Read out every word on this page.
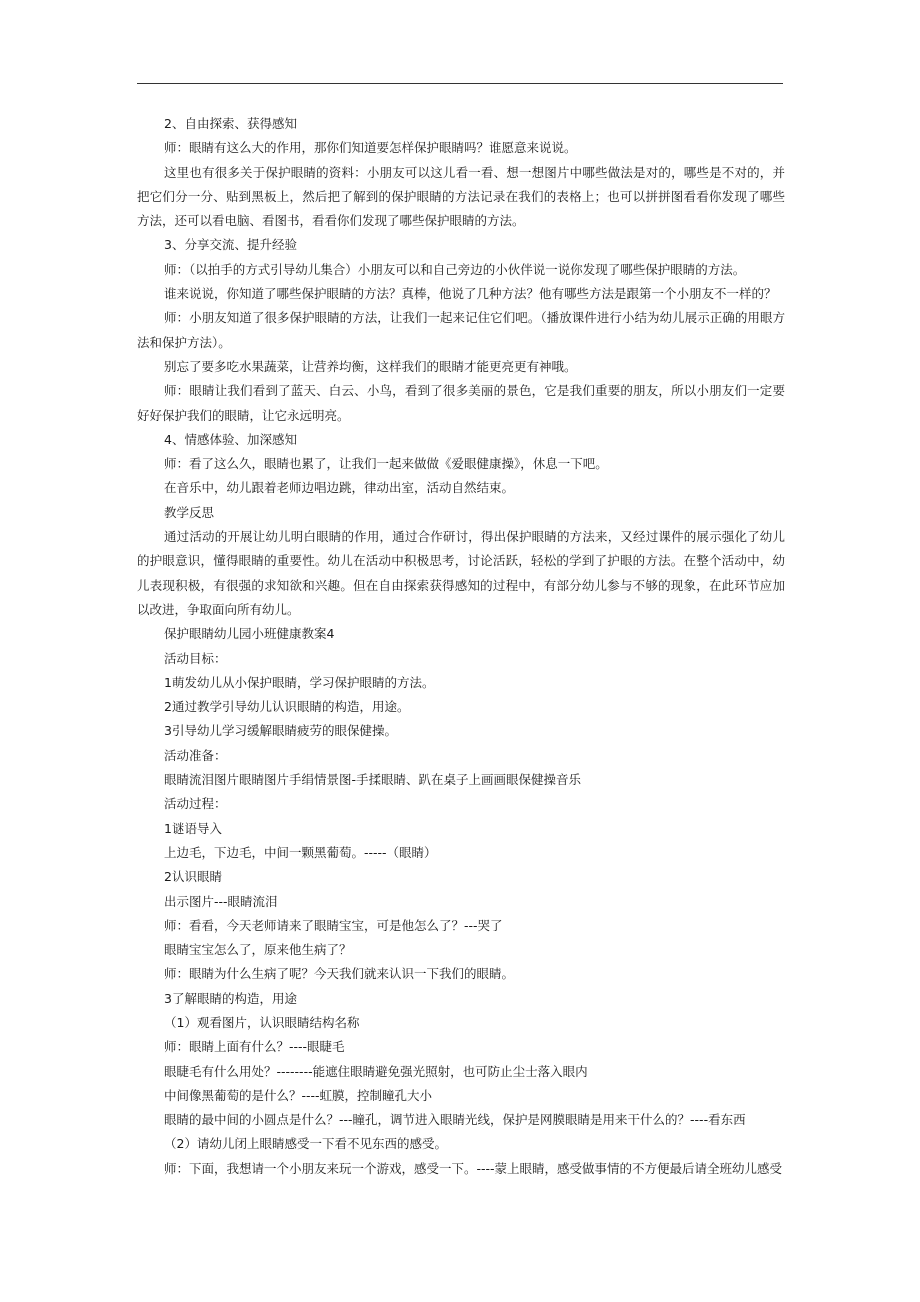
2、自由探索、获得感知
师：眼睛有这么大的作用，那你们知道要怎样保护眼睛吗？谁愿意来说说。
这里也有很多关于保护眼睛的资料：小朋友可以这儿看一看、想一想图片中哪些做法是对的，哪些是不对的，并把它们分一分、贴到黑板上，然后把了解到的保护眼睛的方法记录在我们的表格上；也可以拼拼图看看你发现了哪些方法，还可以看电脑、看图书，看看你们发现了哪些保护眼睛的方法。
3、分享交流、提升经验
师：（以拍手的方式引导幼儿集合）小朋友可以和自己旁边的小伙伴说一说你发现了哪些保护眼睛的方法。
谁来说说，你知道了哪些保护眼睛的方法？真棒，他说了几种方法？他有哪些方法是跟第一个小朋友不一样的？
师：小朋友知道了很多保护眼睛的方法，让我们一起来记住它们吧。（播放课件进行小结为幼儿展示正确的用眼方法和保护方法）。
别忘了要多吃水果蔬菜，让营养均衡，这样我们的眼睛才能更亮更有神哦。
师：眼睛让我们看到了蓝天、白云、小鸟，看到了很多美丽的景色，它是我们重要的朋友，所以小朋友们一定要好好保护我们的眼睛，让它永远明亮。
4、情感体验、加深感知
师：看了这么久，眼睛也累了，让我们一起来做做《爱眼健康操》，休息一下吧。
在音乐中，幼儿跟着老师边唱边跳，律动出室，活动自然结束。
教学反思
通过活动的开展让幼儿明白眼睛的作用，通过合作研讨，得出保护眼睛的方法来，又经过课件的展示强化了幼儿的护眼意识，懂得眼睛的重要性。幼儿在活动中积极思考，讨论活跃，轻松的学到了护眼的方法。在整个活动中，幼儿表现积极，有很强的求知欲和兴趣。但在自由探索获得感知的过程中，有部分幼儿参与不够的现象，在此环节应加以改进，争取面向所有幼儿。
保护眼睛幼儿园小班健康教案4
活动目标：
1萌发幼儿从小保护眼睛，学习保护眼睛的方法。
2通过教学引导幼儿认识眼睛的构造，用途。
3引导幼儿学习缓解眼睛疲劳的眼保健操。
活动准备：
眼睛流泪图片眼睛图片手绢情景图-手揉眼睛、趴在桌子上画画眼保健操音乐
活动过程：
1谜语导入
上边毛，下边毛，中间一颗黑葡萄。-----（眼睛）
2认识眼睛
出示图片---眼睛流泪
师：看看，今天老师请来了眼睛宝宝，可是他怎么了？---哭了
眼睛宝宝怎么了，原来他生病了？
师：眼睛为什么生病了呢？今天我们就来认识一下我们的眼睛。
3了解眼睛的构造，用途
（1）观看图片，认识眼睛结构名称
师：眼睛上面有什么？----眼睫毛
眼睫毛有什么用处？--------能遮住眼睛避免强光照射，也可防止尘士落入眼内
中间像黑葡萄的是什么？----虹膜，控制瞳孔大小
眼睛的最中间的小圆点是什么？---瞳孔，调节进入眼睛光线，保护是网膜眼睛是用来干什么的？----看东西
（2）请幼儿闭上眼睛感受一下看不见东西的感受。
师：下面，我想请一个小朋友来玩一个游戏，感受一下。----蒙上眼睛，感受做事情的不方便最后请全班幼儿感受
